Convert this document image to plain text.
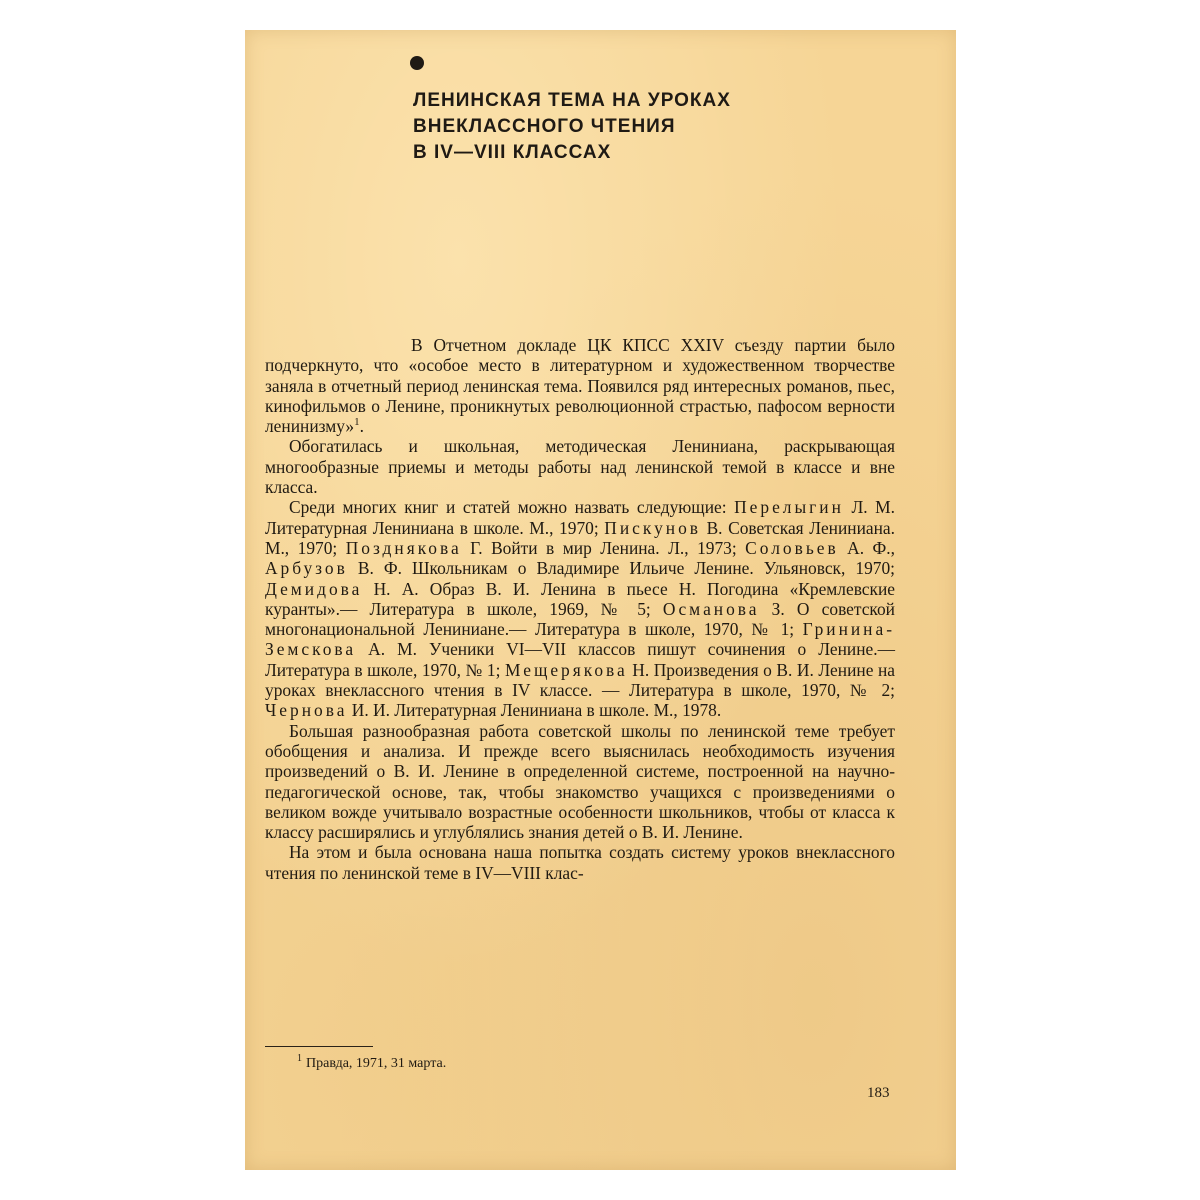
ЛЕНИНСКАЯ ТЕМА НА УРОКАХ
ВНЕКЛАССНОГО ЧТЕНИЯ
В IV—VIII КЛАССАХ

В Отчетном докладе ЦК КПСС XXIV съезду партии было подчеркнуто, что «особое место в литературном и художественном творчестве заняла в отчетный период ленинская тема. Появился ряд интересных романов, пьес, кинофильмов о Ленине, проникнутых революционной страстью, пафосом верности ленинизму»$^1$.

Обогатилась и школьная, методическая Лениниана, раскрывающая многообразные приемы и методы работы над ленинской темой в классе и вне класса.

Среди многих книг и статей можно назвать следующие: Перелыгин Л. М. Литературная Лениниана в школе. М., 1970; Пискунов В. Советская Лениниана. М., 1970; Позднякова Г. Войти в мир Ленина. Л., 1973; Соловьев А. Ф., Арбузов В. Ф. Школьникам о Владимире Ильиче Ленине. Ульяновск, 1970; Демидова Н. А. Образ В. И. Ленина в пьесе Н. Погодина «Кремлевские куранты».— Литература в школе, 1969, № 5; Османова З. О советской многонациональной Лениниане.— Литература в школе, 1970, № 1; Гринина-Земскова А. М. Ученики VI—VII классов пишут сочинения о Ленине.— Литература в школе, 1970, № 1; Мещерякова Н. Произведения о В. И. Ленине на уроках внеклассного чтения в IV классе. — Литература в школе, 1970, № 2; Чернова И. И. Литературная Лениниана в школе. М., 1978.

Большая разнообразная работа советской школы по ленинской теме требует обобщения и анализа. И прежде всего выяснилась необходимость изучения произведений о В. И. Ленине в определенной системе, построенной на научно-педагогической основе, так, чтобы знакомство учащихся с произведениями о великом вожде учитывало возрастные особенности школьников, чтобы от класса к классу расширялись и углублялись знания детей о В. И. Ленине.

На этом и была основана наша попытка создать систему уроков внеклассного чтения по ленинской теме в IV—VIII клас-

$^1$ Правда, 1971, 31 марта.
183
